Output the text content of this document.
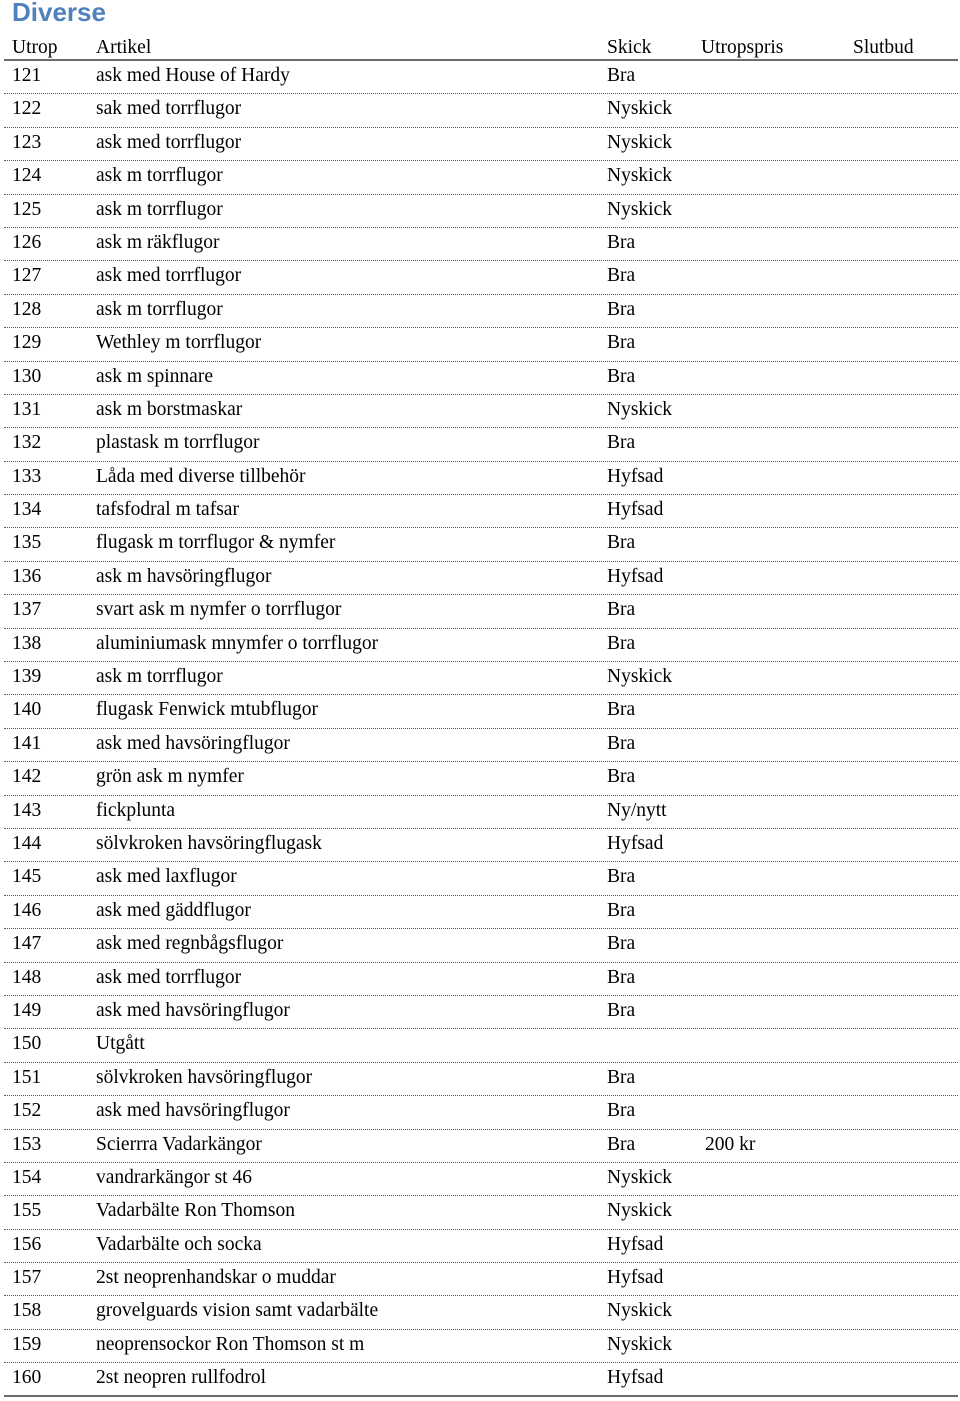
Diverse
Utrop Artikel	Skick	Utropspris	Slutbud
121	ask med House of Hardy	Bra
122	sak med torrflugor	Nyskick
123	ask med torrflugor	Nyskick
124	ask m torrflugor	Nyskick
125	ask m torrflugor	Nyskick
126	ask m räkflugor	Bra
127	ask med torrflugor	Bra
128	ask m torrflugor	Bra
129	Wethley m torrflugor	Bra
130	ask m spinnare	Bra
131	ask m borstmaskar	Nyskick
132	plastask m torrflugor	Bra
133	Låda med diverse tillbehör	Hyfsad
134	tafsfodral m tafsar	Hyfsad
135	flugask m torrflugor & nymfer	Bra
136	ask m havsöringflugor	Hyfsad
137	svart ask m nymfer o torrflugor	Bra
138	aluminiumask mnymfer o torrflugor	Bra
139	ask m torrflugor	Nyskick
140	flugask Fenwick mtubflugor	Bra
141	ask med havsöringflugor	Bra
142	grön ask m nymfer	Bra
143	fickplunta	Ny/nytt
144	sölvkroken havsöringflugask	Hyfsad
145	ask med laxflugor	Bra
146	ask med gäddflugor	Bra
147	ask med regnbågsflugor	Bra
148	ask med torrflugor	Bra
149	ask med havsöringflugor	Bra
150	Utgått
151	sölvkroken havsöringflugor	Bra
152	ask med havsöringflugor	Bra
153	Scierrra Vadarkängor	Bra	200 kr
154	vandrarkängor st 46	Nyskick
155	Vadarbälte Ron Thomson	Nyskick
156	Vadarbälte och socka	Hyfsad
157	2st neoprenhandskar o muddar	Hyfsad
158	grovelguards vision samt vadarbälte	Nyskick
159	neoprensockor Ron Thomson st m	Nyskick
160	2st neopren rullfodrol	Hyfsad
